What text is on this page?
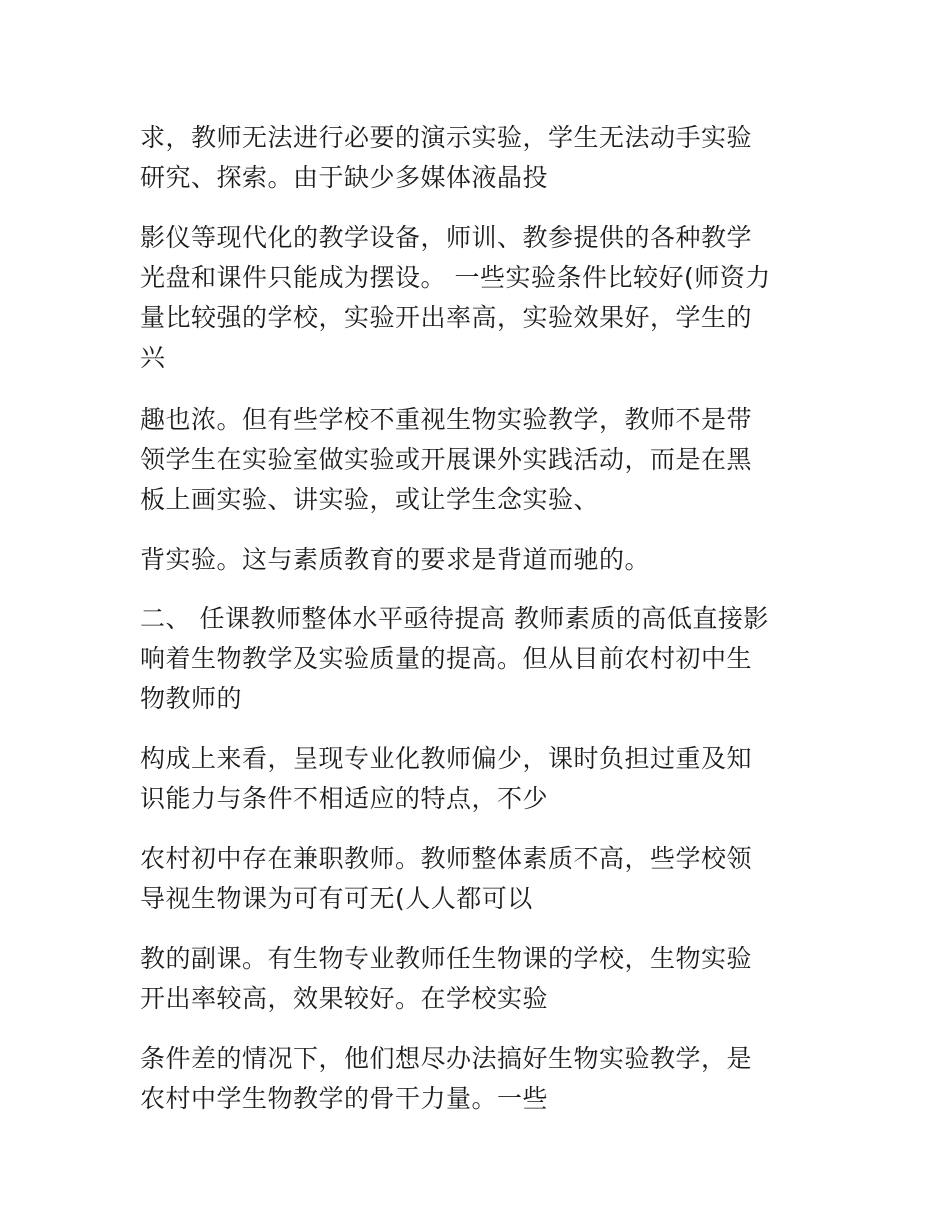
求，教师无法进行必要的演示实验，学生无法动手实验
研究、探索。由于缺少多媒体液晶投

影仪等现代化的教学设备，师训、教参提供的各种教学
光盘和课件只能成为摆设。 一些实验条件比较好(师资力
量比较强的学校，实验开出率高，实验效果好，学生的
兴

趣也浓。但有些学校不重视生物实验教学，教师不是带
领学生在实验室做实验或开展课外实践活动，而是在黑
板上画实验、讲实验，或让学生念实验、

背实验。这与素质教育的要求是背道而驰的。

二、 任课教师整体水平亟待提高 教师素质的高低直接影
响着生物教学及实验质量的提高。但从目前农村初中生
物教师的

构成上来看，呈现专业化教师偏少，课时负担过重及知
识能力与条件不相适应的特点，不少

农村初中存在兼职教师。教师整体素质不高，些学校领
导视生物课为可有可无(人人都可以

教的副课。有生物专业教师任生物课的学校，生物实验
开出率较高，效果较好。在学校实验

条件差的情况下，他们想尽办法搞好生物实验教学，是
农村中学生物教学的骨干力量。一些
